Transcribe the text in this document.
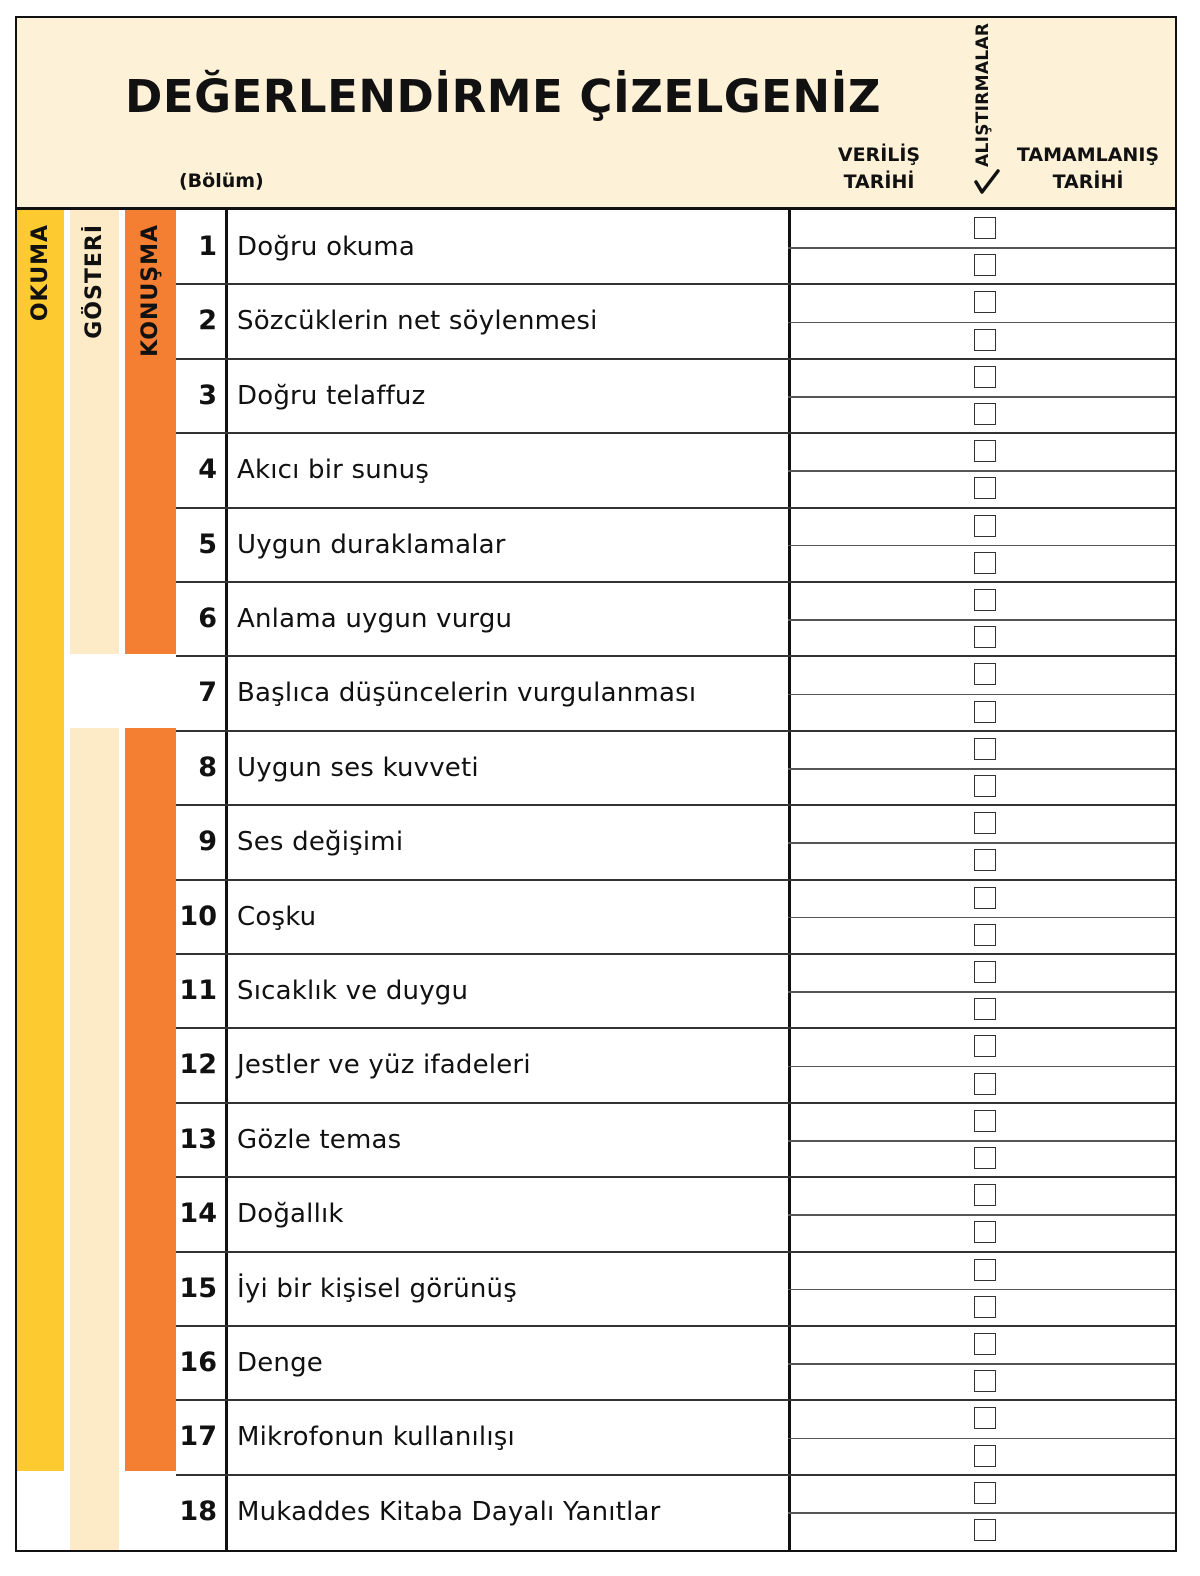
DEĞERLENDİRME ÇİZELGENİZ
(Bölüm)
VERİLİŞ
TARİHİ
ALIŞTIRMALAR TAMAMLANIŞ
TARİHİ
OKUMA GÖSTERİ KONUŞMA	1 Doğru okuma
2 Sözcüklerin net söylenmesi
3 Doğru telaffuz
4 Akıcı bir sunuş
5 Uygun duraklamalar
6 Anlama uygun vurgu
7 Başlıca düşüncelerin vurgulanması
8 Uygun ses kuvveti
9 Ses değişimi
10 Coşku
11 Sıcaklık ve duygu
12 Jestler ve yüz ifadeleri
13 Gözle temas
14 Doğallık
15 İyi bir kişisel görünüş
16 Denge
17 Mikrofonun kullanılışı
18 Mukaddes Kitaba Dayalı Yanıtlar
